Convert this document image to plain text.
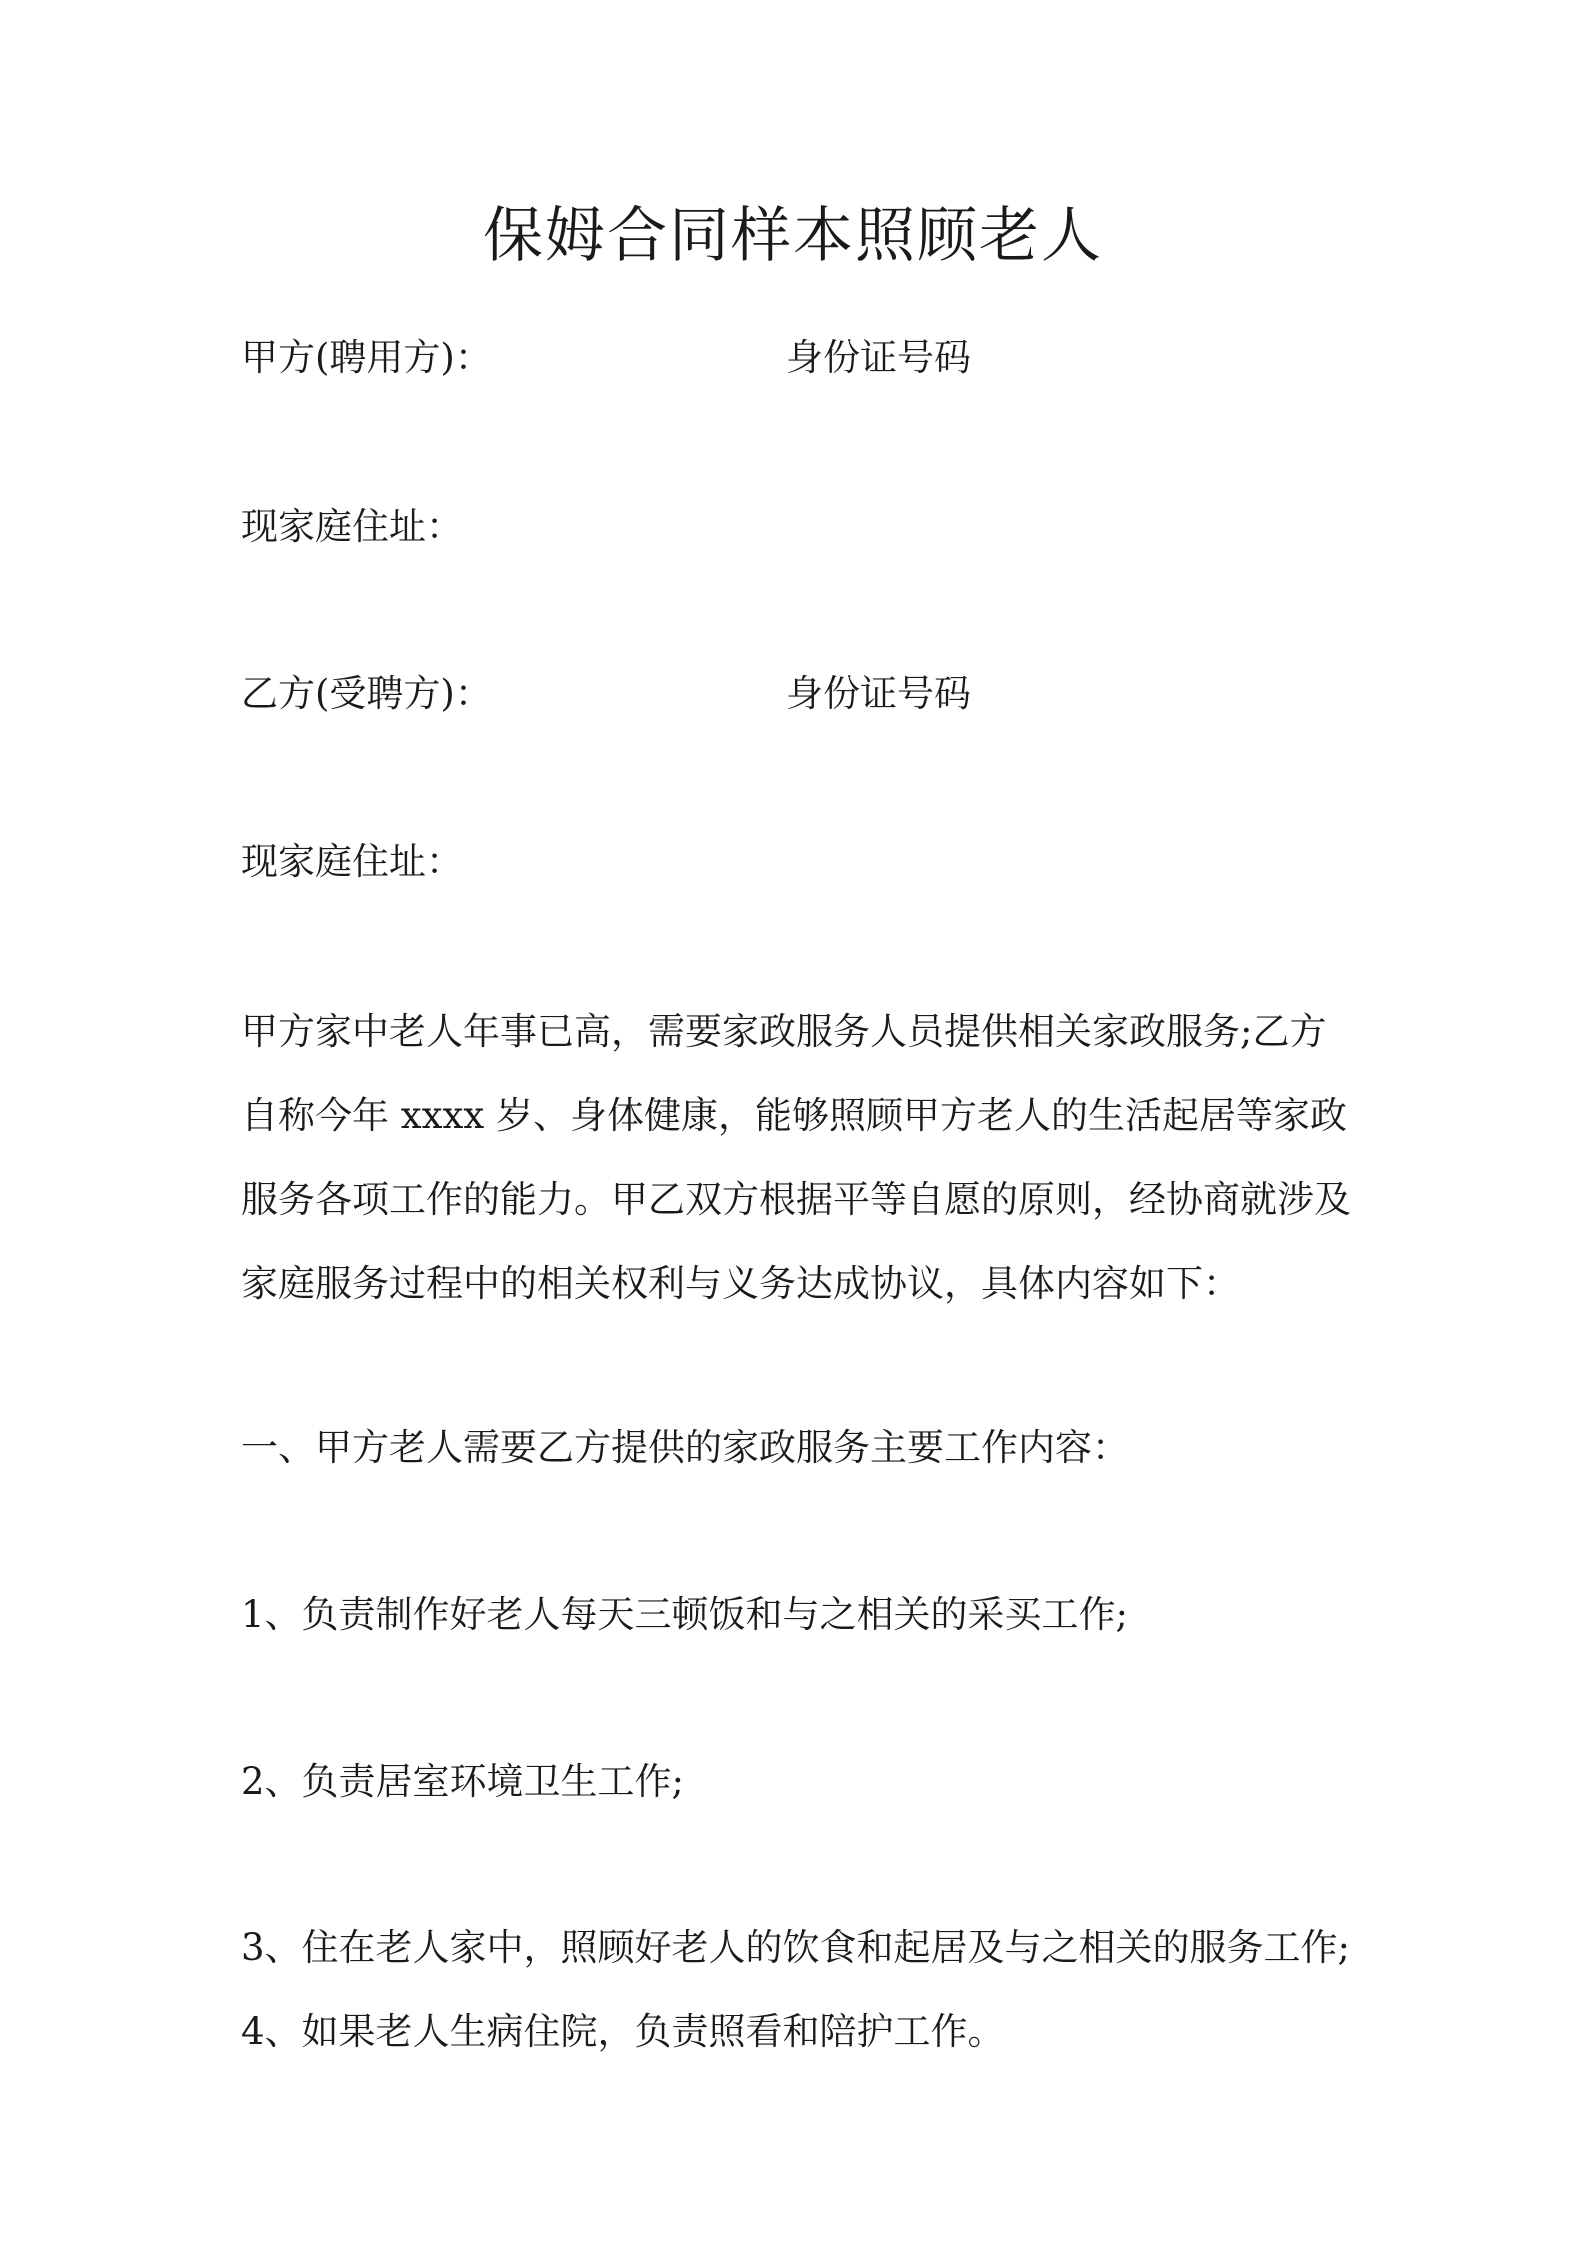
保姆合同样本照顾老人
甲方(聘用方)：	身份证号码
现家庭住址：
乙方(受聘方)：	身份证号码
现家庭住址：
甲方家中老人年事已高，需要家政服务人员提供相关家政服务;乙方
自称今年 xxxx 岁、身体健康，能够照顾甲方老人的生活起居等家政
服务各项工作的能力。甲乙双方根据平等自愿的原则，经协商就涉及
家庭服务过程中的相关权利与义务达成协议，具体内容如下：
一、甲方老人需要乙方提供的家政服务主要工作内容：
1、负责制作好老人每天三顿饭和与之相关的采买工作;
2、负责居室环境卫生工作;
3、住在老人家中，照顾好老人的饮食和起居及与之相关的服务工作;
4、如果老人生病住院，负责照看和陪护工作。
